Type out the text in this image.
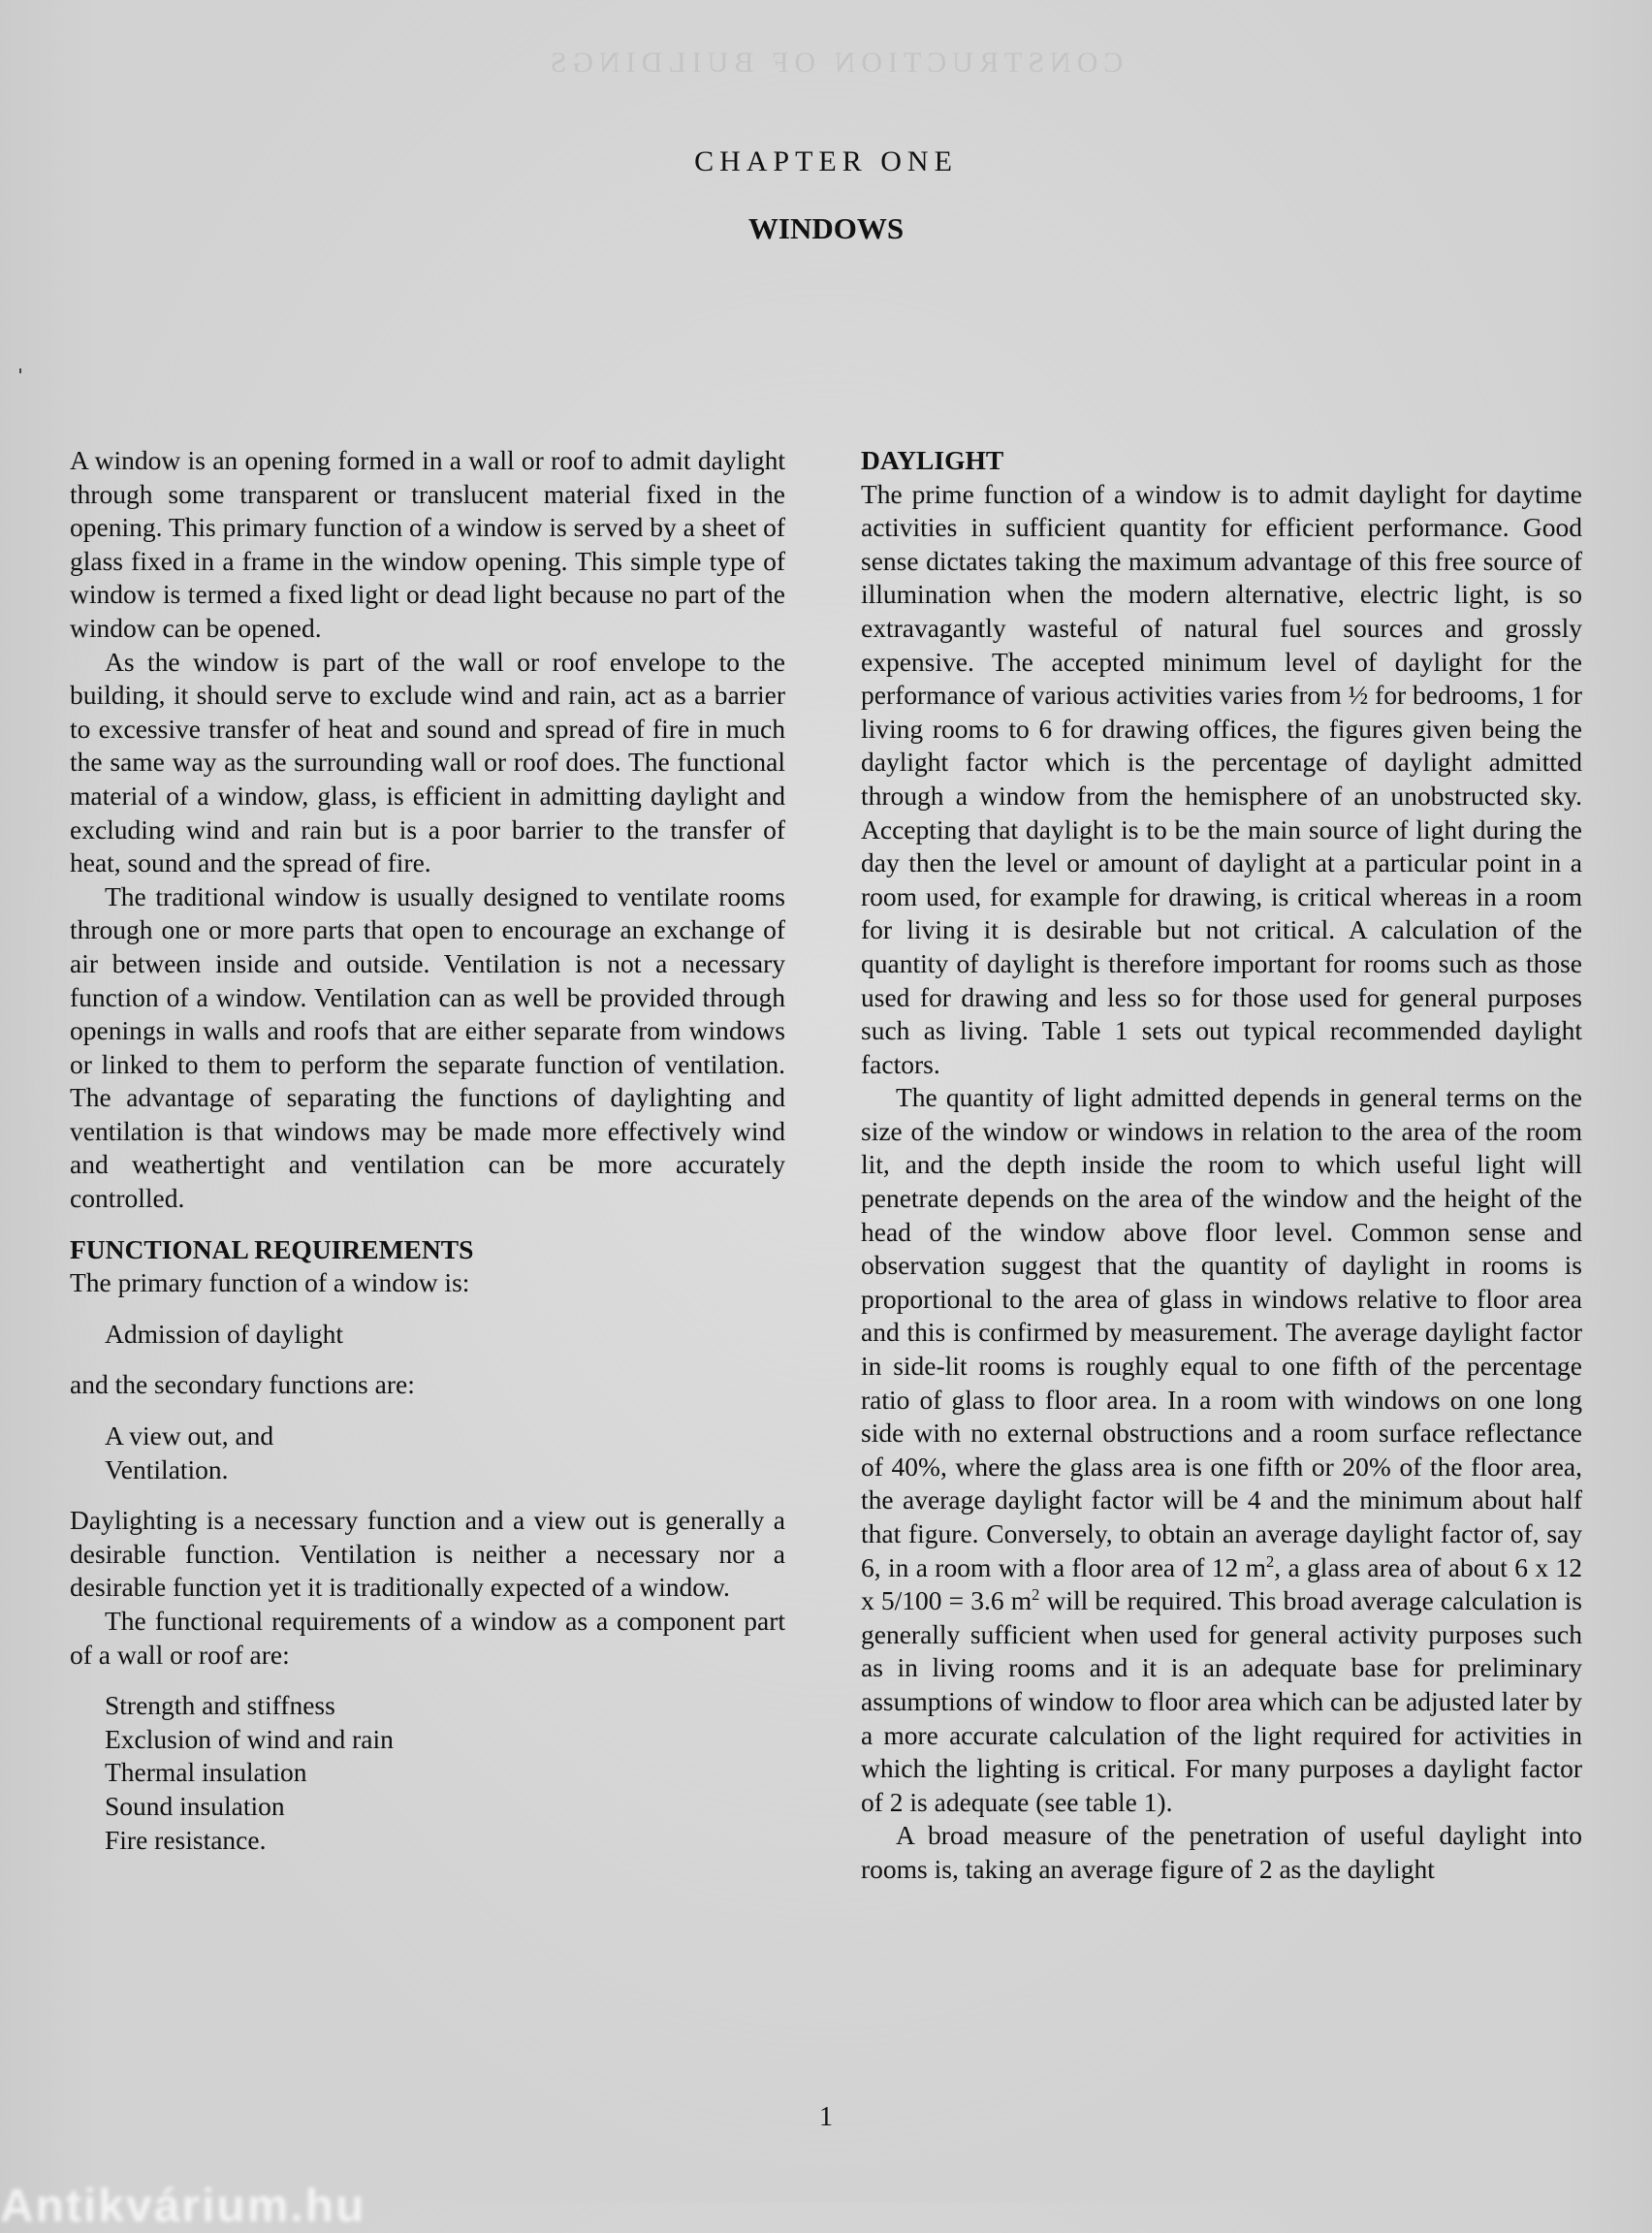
CONSTRUCTION OF BUILDINGS
CHAPTER ONE
WINDOWS

A window is an opening formed in a wall or roof to admit daylight through some transparent or translucent material fixed in the opening. This primary function of a window is served by a sheet of glass fixed in a frame in the window opening. This simple type of window is termed a fixed light or dead light because no part of the window can be opened.

As the window is part of the wall or roof envelope to the building, it should serve to exclude wind and rain, act as a barrier to excessive transfer of heat and sound and spread of fire in much the same way as the surrounding wall or roof does. The functional material of a window, glass, is efficient in admitting daylight and excluding wind and rain but is a poor barrier to the transfer of heat, sound and the spread of fire.

The traditional window is usually designed to ventilate rooms through one or more parts that open to encourage an exchange of air between inside and outside. Ventilation is not a necessary function of a window. Ventilation can as well be provided through openings in walls and roofs that are either separate from windows or linked to them to perform the separate function of ventilation. The advantage of separating the functions of daylighting and ventilation is that windows may be made more effectively wind and weathertight and ventilation can be more accurately controlled.

FUNCTIONAL REQUIREMENTS

The primary function of a window is:

Admission of daylight

and the secondary functions are:

A view out, and
Ventilation.

Daylighting is a necessary function and a view out is generally a desirable function. Ventilation is neither a necessary nor a desirable function yet it is traditionally expected of a window.

The functional requirements of a window as a component part of a wall or roof are:

Strength and stiffness
Exclusion of wind and rain
Thermal insulation
Sound insulation
Fire resistance.
DAYLIGHT

The prime function of a window is to admit daylight for daytime activities in sufficient quantity for efficient performance. Good sense dictates taking the maximum advantage of this free source of illumination when the modern alternative, electric light, is so extravagantly wasteful of natural fuel sources and grossly expensive. The accepted minimum level of daylight for the performance of various activities varies from ½ for bedrooms, 1 for living rooms to 6 for drawing offices, the figures given being the daylight factor which is the percentage of daylight admitted through a window from the hemisphere of an unobstructed sky. Accepting that daylight is to be the main source of light during the day then the level or amount of daylight at a particular point in a room used, for example for drawing, is critical whereas in a room for living it is desirable but not critical. A calculation of the quantity of daylight is therefore important for rooms such as those used for drawing and less so for those used for general purposes such as living. Table 1 sets out typical recommended daylight factors.

The quantity of light admitted depends in general terms on the size of the window or windows in relation to the area of the room lit, and the depth inside the room to which useful light will penetrate depends on the area of the window and the height of the head of the window above floor level. Common sense and observation suggest that the quantity of daylight in rooms is proportional to the area of glass in windows relative to floor area and this is confirmed by measurement. The average daylight factor in side-lit rooms is roughly equal to one fifth of the percentage ratio of glass to floor area. In a room with windows on one long side with no external obstructions and a room surface reflectance of 40%, where the glass area is one fifth or 20% of the floor area, the average daylight factor will be 4 and the minimum about half that figure. Conversely, to obtain an average daylight factor of, say 6, in a room with a floor area of 12 $m^2$, a glass area of about 6 x 12 x 5/100 = 3.6 $m^2$ will be required. This broad average calculation is generally sufficient when used for general activity purposes such as in living rooms and it is an adequate base for preliminary assumptions of window to floor area which can be adjusted later by a more accurate calculation of the light required for activities in which the lighting is critical. For many purposes a daylight factor of 2 is adequate (see table 1).

A broad measure of the penetration of useful daylight into rooms is, taking an average figure of 2 as the daylight

1
Antikvárium.hu
